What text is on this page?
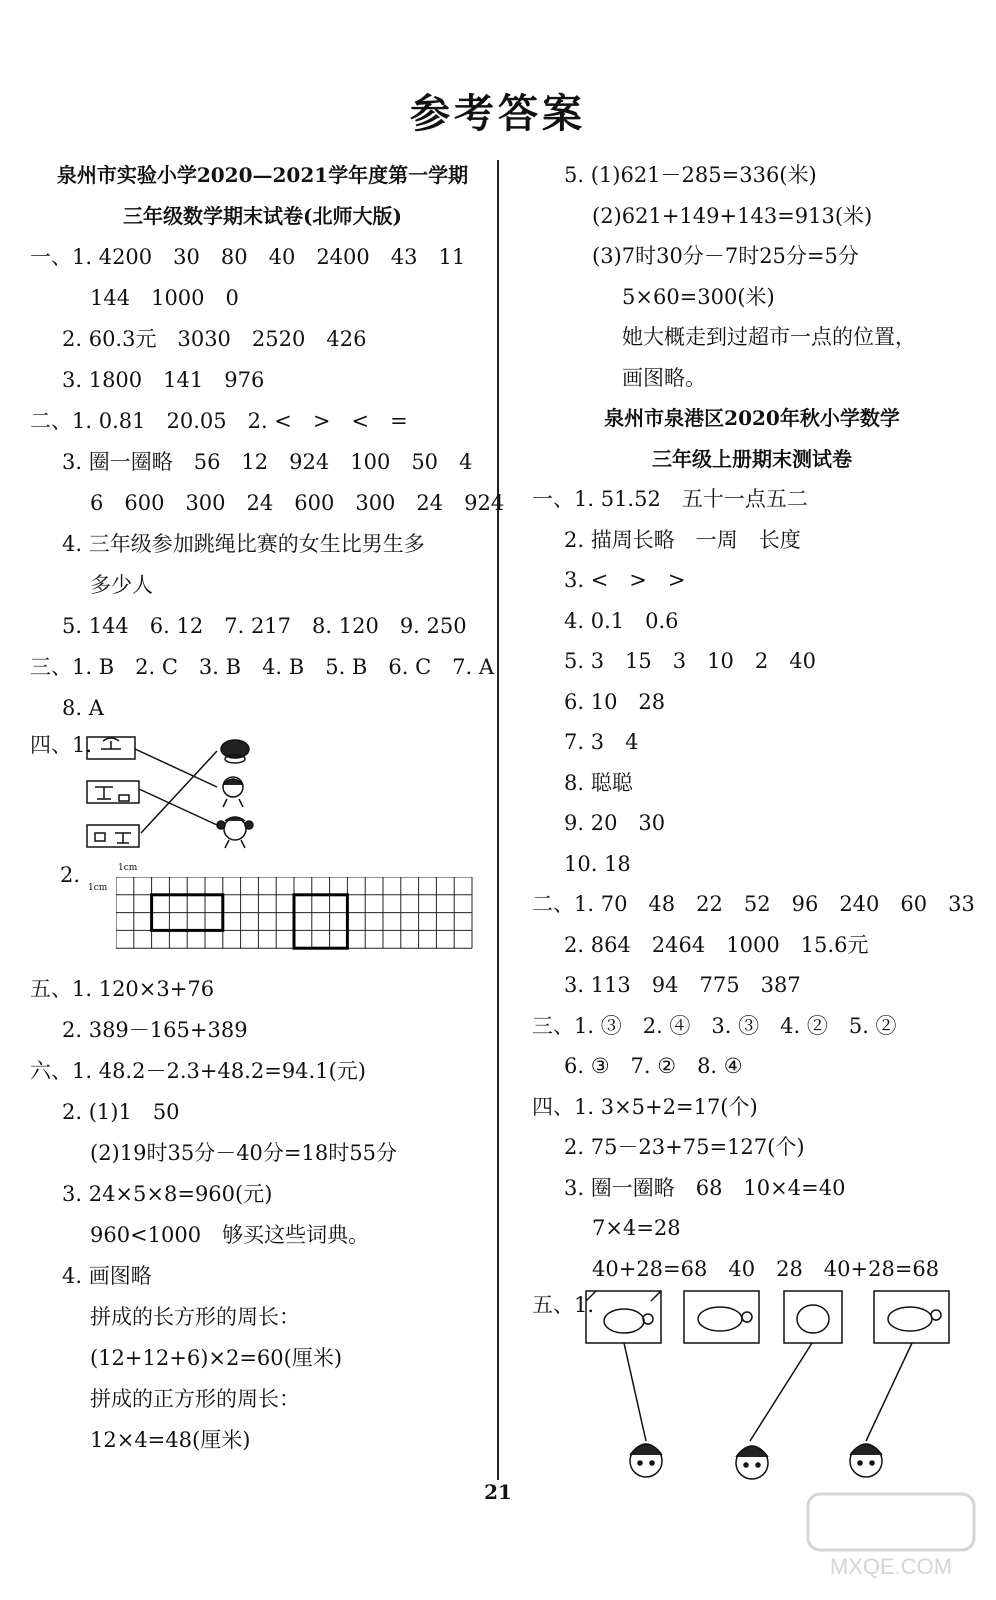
参考答案
泉州市实验小学2020—2021学年度第一学期
三年级数学期末试卷(北师大版)
一、1. 4200　30　80　40　2400　43　11
144　1000　0
2. 60.3元　3030　2520　426
3. 1800　141　976
二、1. 0.81　20.05　2. <　>　<　=
3. 圈一圈略　56　12　924　100　50　4
6　600　300　24　600　300　24　924
4. 三年级参加跳绳比赛的女生比男生多
多少人
5. 144　6. 12　7. 217　8. 120　9. 250
三、1. B　2. C　3. B　4. B　5. B　6. C　7. A
8. A
四、1.
2.	1cm
1cm
五、1. 120×3+76
2. 389－165+389
六、1. 48.2－2.3+48.2=94.1(元)
2. (1)1　50
(2)19时35分－40分=18时55分
3. 24×5×8=960(元)
960<1000　够买这些词典。
4. 画图略
拼成的长方形的周长：
(12+12+6)×2=60(厘米)
拼成的正方形的周长：
12×4=48(厘米)
5. (1)621－285=336(米)
(2)621+149+143=913(米)
(3)7时30分－7时25分=5分
5×60=300(米)
她大概走到过超市一点的位置，
画图略。
泉州市泉港区2020年秋小学数学
三年级上册期末测试卷
一、1. 51.52　五十一点五二
2. 描周长略　一周　长度
3. <　>　>
4. 0.1　0.6
5. 3　15　3　10　2　40
6. 10　28
7. 3　4
8. 聪聪
9. 20　30
10. 18
二、1. 70　48　22　52　96　240　60　33
2. 864　2464　1000　15.6元
3. 113　94　775　387
三、1. ③　2. ④　3. ③　4. ②　5. ②
6. ③　7. ②　8. ④
四、1. 3×5+2=17(个)
2. 75－23+75=127(个)
3. 圈一圈略　68　10×4=40
7×4=28
40+28=68　40　28　40+28=68
五、1.
21
MXQE.COM
